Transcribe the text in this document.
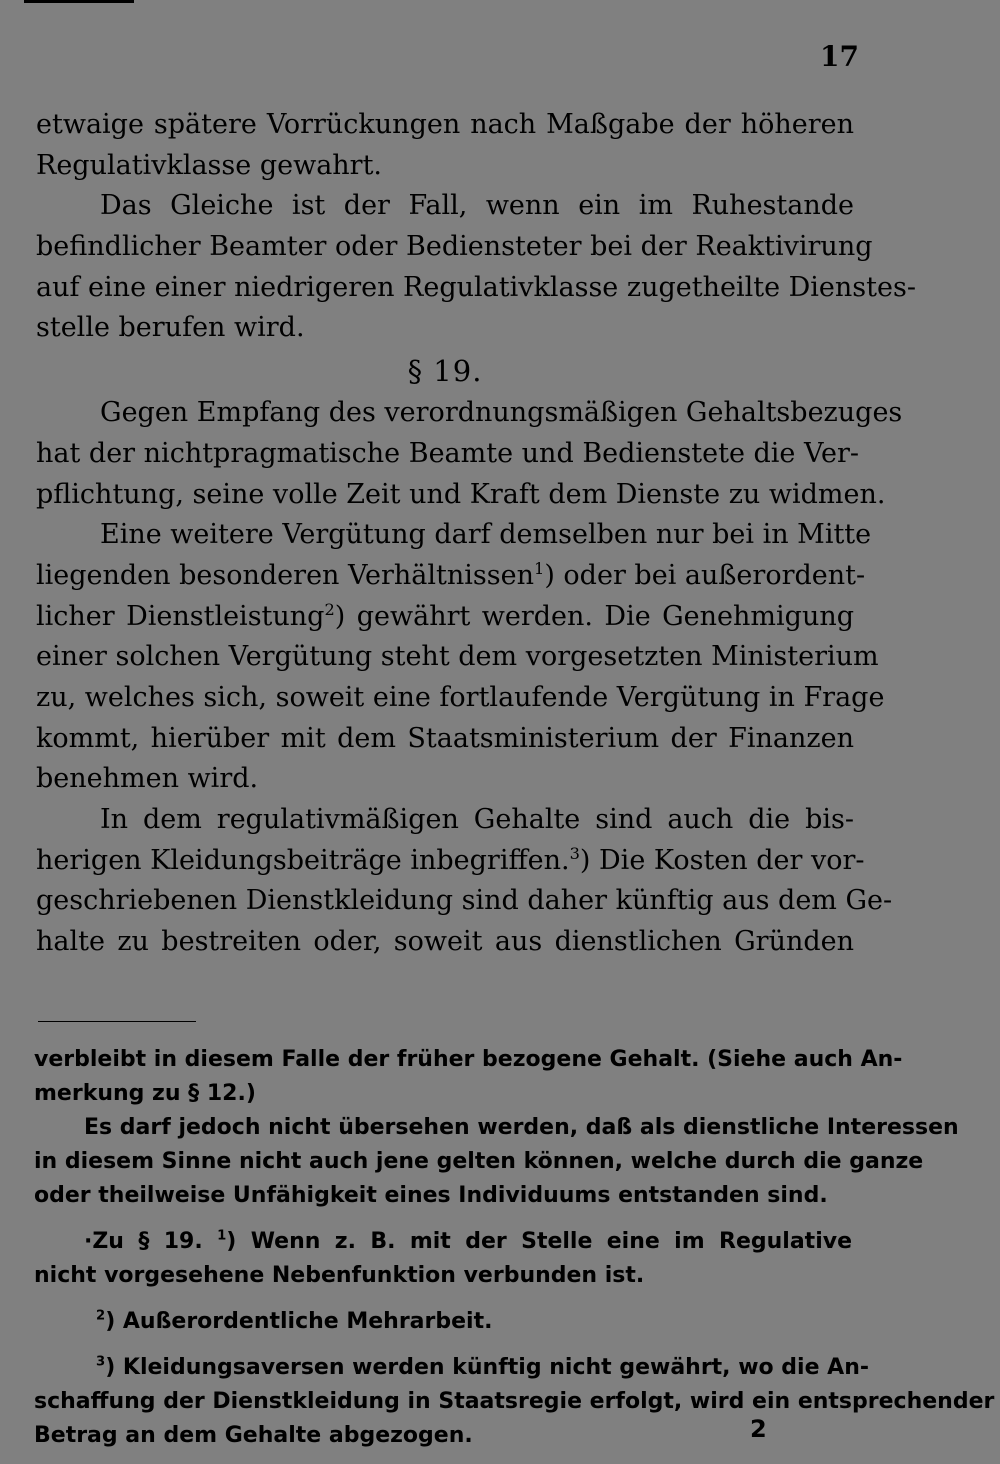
17
etwaige spätere Vorrückungen nach Maßgabe der höheren
Regulativklasse gewahrt.
Das Gleiche ist der Fall, wenn ein im Ruhestande
befindlicher Beamter oder Bediensteter bei der Reaktivirung
auf eine einer niedrigeren Regulativklasse zugetheilte Dienstes-
stelle berufen wird.
§ 19.
Gegen Empfang des verordnungsmäßigen Gehaltsbezuges
hat der nichtpragmatische Beamte und Bedienstete die Ver-
pflichtung, seine volle Zeit und Kraft dem Dienste zu widmen.
Eine weitere Vergütung darf demselben nur bei in Mitte
liegenden besonderen Verhältnissen$^1$) oder bei außerordent-
licher Dienstleistung$^2$) gewährt werden. Die Genehmigung
einer solchen Vergütung steht dem vorgesetzten Ministerium
zu, welches sich, soweit eine fortlaufende Vergütung in Frage
kommt, hierüber mit dem Staatsministerium der Finanzen
benehmen wird.
In dem regulativmäßigen Gehalte sind auch die bis-
herigen Kleidungsbeiträge inbegriffen.$^3$) Die Kosten der vor-
geschriebenen Dienstkleidung sind daher künftig aus dem Ge-
halte zu bestreiten oder, soweit aus dienstlichen Gründen
verbleibt in diesem Falle der früher bezogene Gehalt. (Siehe auch An-
merkung zu § 12.)
Es darf jedoch nicht übersehen werden, daß als dienstliche Interessen
in diesem Sinne nicht auch jene gelten können, welche durch die ganze
oder theilweise Unfähigkeit eines Individuums entstanden sind.
·Zu § 19. $^1$) Wenn z. B. mit der Stelle eine im Regulative
nicht vorgesehene Nebenfunktion verbunden ist.
$^2$) Außerordentliche Mehrarbeit.
$^3$) Kleidungsaversen werden künftig nicht gewährt, wo die An-
schaffung der Dienstkleidung in Staatsregie erfolgt, wird ein entsprechender
Betrag an dem Gehalte abgezogen.	2
